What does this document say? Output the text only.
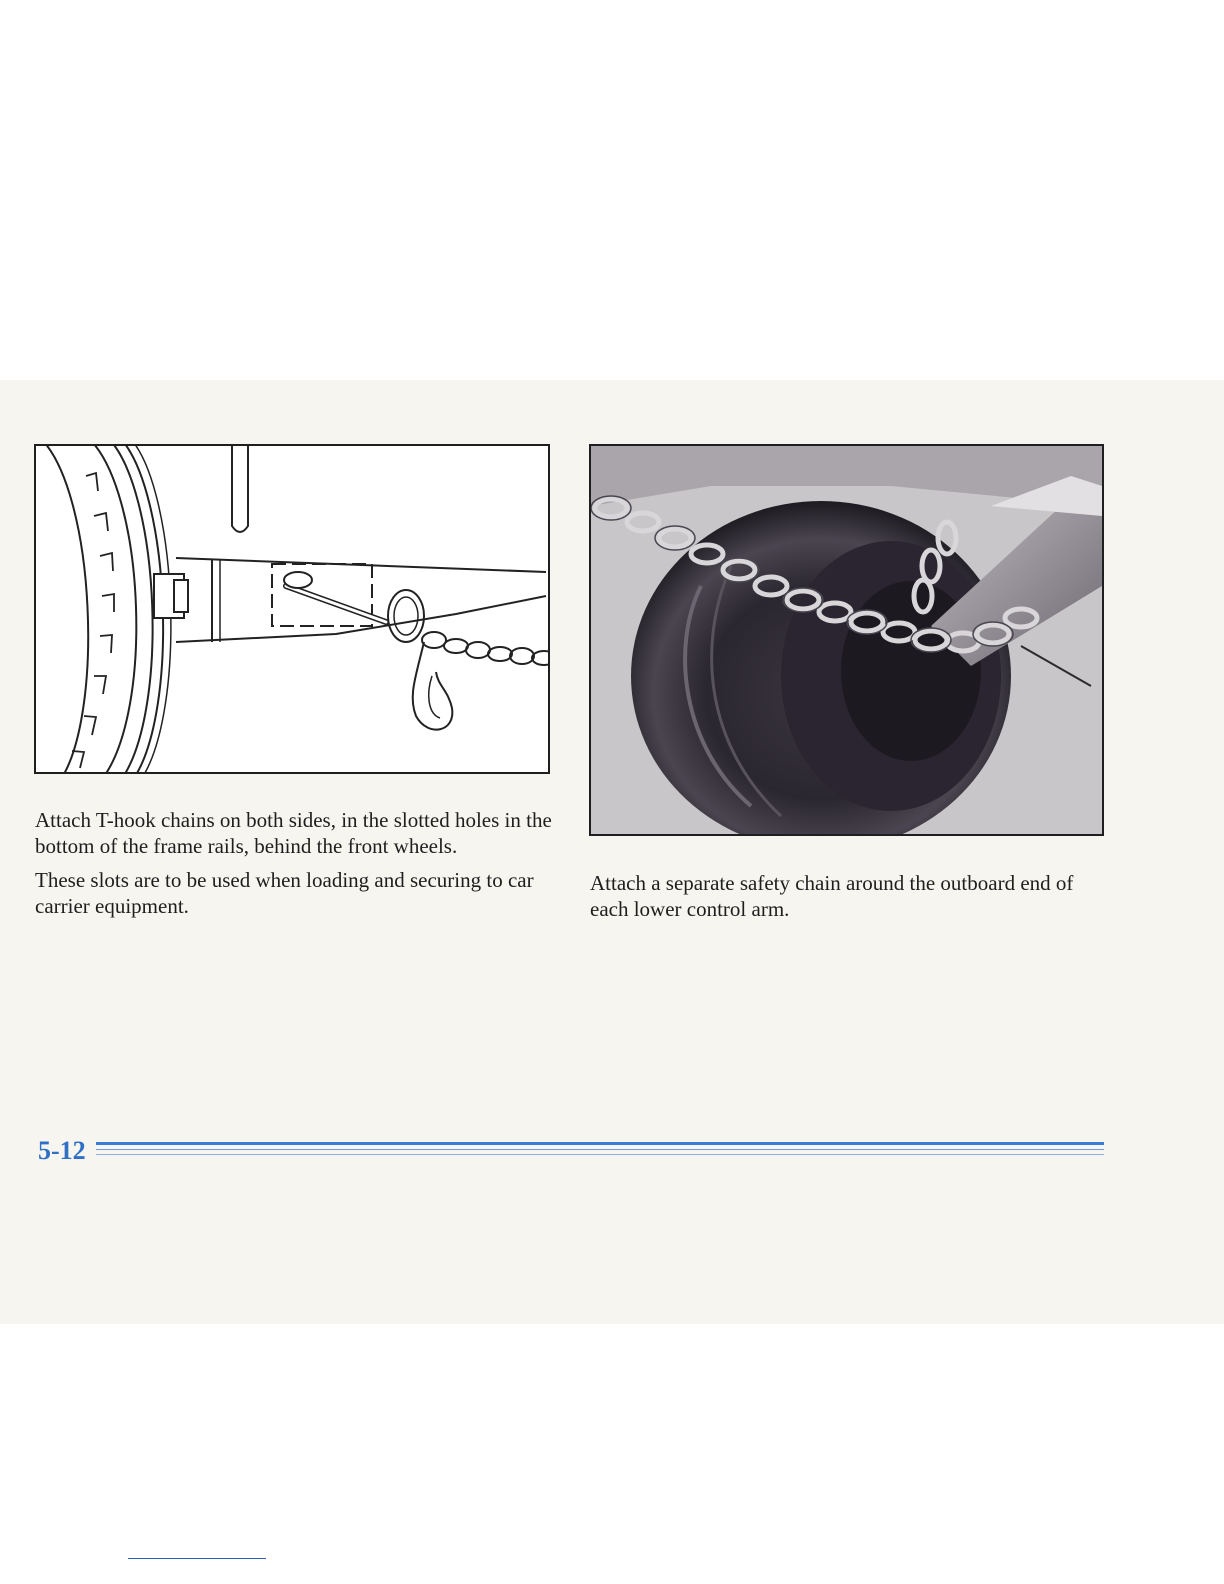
Attach T-hook chains on both sides, in the slotted holes in the bottom of the frame rails, behind the front wheels.

These slots are to be used when loading and securing to car carrier equipment.

Attach a separate safety chain around the outboard end of each lower control arm.

5-12
